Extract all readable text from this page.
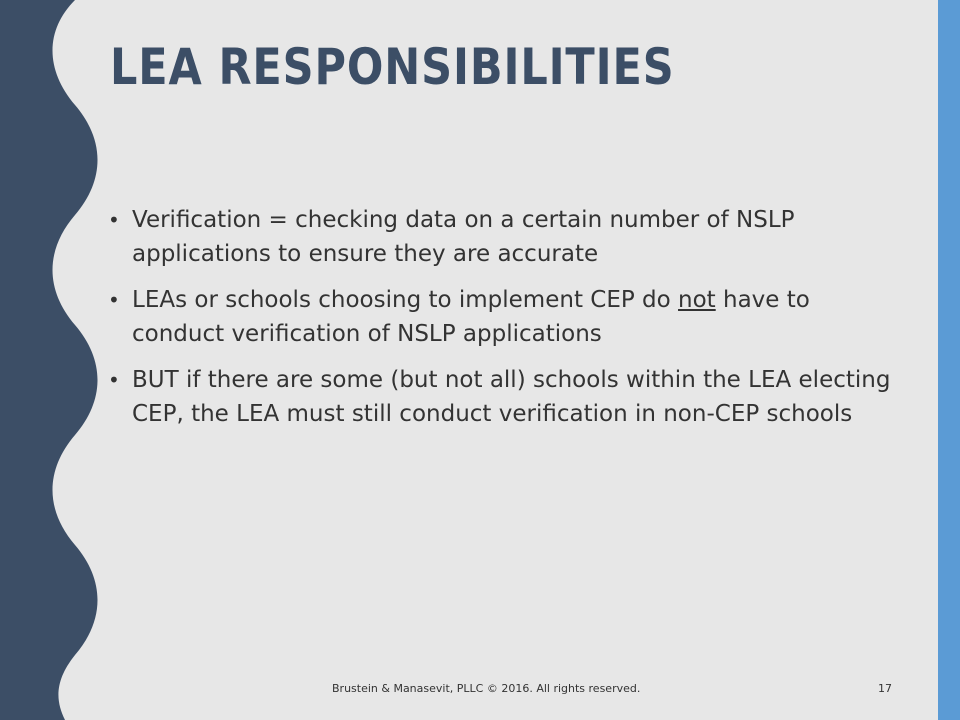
LEA RESPONSIBILITIES
• Verification = checking data on a certain number of NSLP applications to ensure they are accurate
• LEAs or schools choosing to implement CEP do not have to conduct verification of NSLP applications
• BUT if there are some (but not all) schools within the LEA electing CEP, the LEA must still conduct verification in non-CEP schools
Brustein & Manasevit, PLLC © 2016. All rights reserved.	17
